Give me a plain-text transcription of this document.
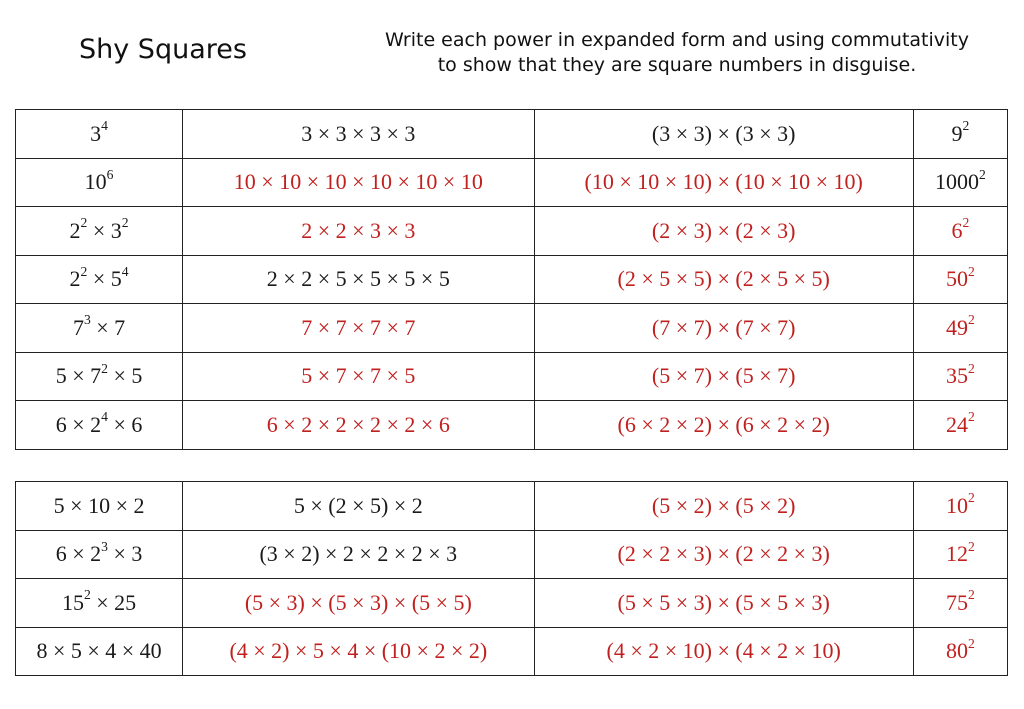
Shy Squares	Write each power in expanded form and using commutativity
to show that they are square numbers in disguise.
$3^4$	3 × 3 × 3 × 3	(3 × 3) × (3 × 3)	$9^2$
$10^6$	10 × 10 × 10 × 10 × 10 × 10	(10 × 10 × 10) × (10 × 10 × 10)	1000$^2$
$2^2 \times 3^2$	2 × 2 × 3 × 3	(2 × 3) × (2 × 3)	$6^2$
$2^2 \times 5^4$	2 × 2 × 5 × 5 × 5 × 5	(2 × 5 × 5) × (2 × 5 × 5)	$50^2$
$7^3 \times 7$	7 × 7 × 7 × 7	(7 × 7) × (7 × 7)	$49^2$
$5 \times 7^2 \times 5$	5 × 7 × 7 × 5	(5 × 7) × (5 × 7)	$35^2$
$6 \times 2^4 \times 6$	6 × 2 × 2 × 2 × 2 × 6	(6 × 2 × 2) × (6 × 2 × 2)	$24^2$
5 × 10 × 2	5 × (2 × 5) × 2	(5 × 2) × (5 × 2)	$10^2$
$6 \times 2^3 \times 3$	(3 × 2) × 2 × 2 × 2 × 3	(2 × 2 × 3) × (2 × 2 × 3)	$12^2$
$15^2 \times 25$	(5 × 3) × (5 × 3) × (5 × 5)	(5 × 5 × 3) × (5 × 5 × 3)	$75^2$
8 × 5 × 4 × 40	(4 × 2) × 5 × 4 × (10 × 2 × 2)	(4 × 2 × 10) × (4 × 2 × 10)	$80^2$
